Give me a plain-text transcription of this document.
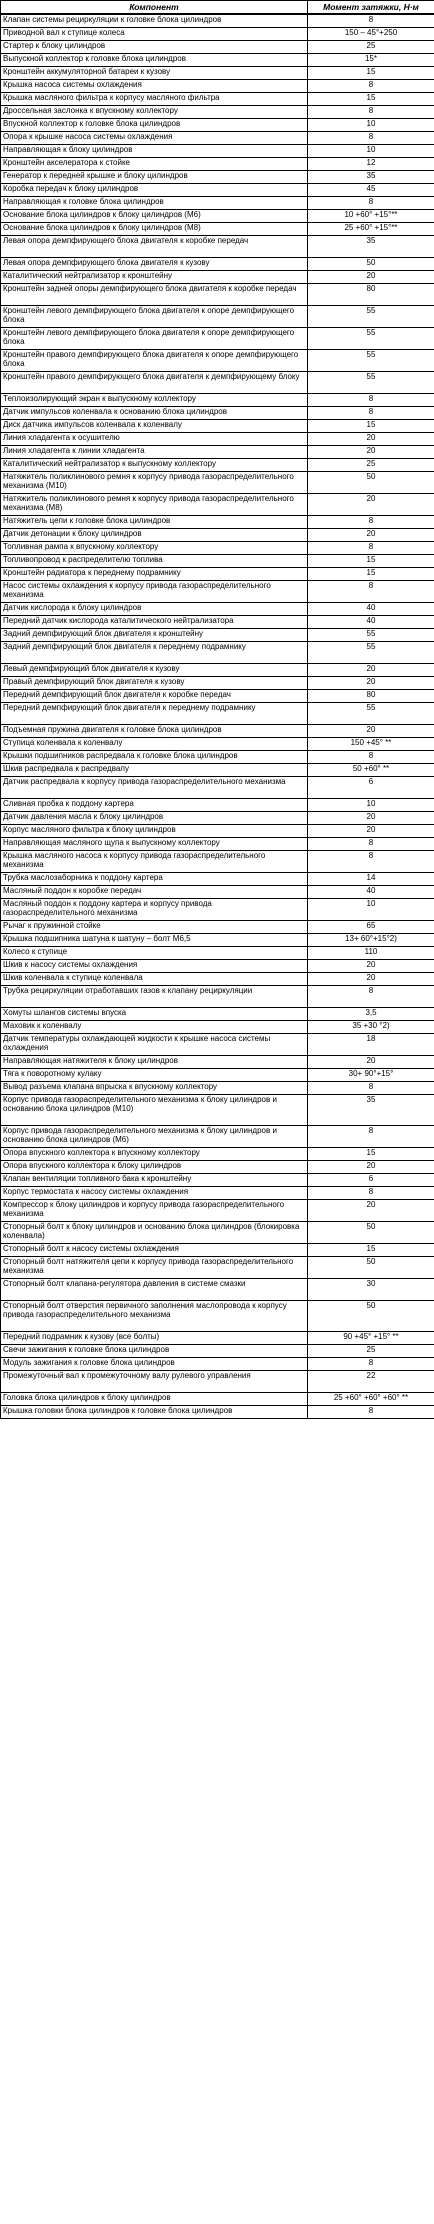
Компонент	Момент затяжки, Н·м
Клапан системы рециркуляции к головке блока цилиндров	8
Приводной вал к ступице колеса	150 – 45°+250
Стартер к блоку цилиндров	25
Выпускной коллектор к головке блока цилиндров	15*
Кронштейн аккумуляторной батареи к кузову	15
Крышка насоса системы охлаждения	8
Крышка масляного фильтра к корпусу масляного фильтра	15
Дроссельная заслонка к впускному коллектору	8
Впускной коллектор к головке блока цилиндров	10
Опора к крышке насоса системы охлаждения	8
Направляющая к блоку цилиндров	10
Кронштейн акселератора к стойке	12
Генератор к передней крышке и блоку цилиндров	35
Коробка передач к блоку цилиндров	45
Направляющая к головке блока цилиндров	8
Основание блока цилиндров к блоку цилиндров (М6)	10 +60° +15°**
Основание блока цилиндров к блоку цилиндров (М8)	25 +60° +15°**
Левая опора демпфирующего блока двигателя к коробке передач	35
Левая опора демпфирующего блока двигателя к кузову	50
Каталитический нейтрализатор к кронштейну	20
Кронштейн задней опоры демпфирующего блока двигателя к коробке передач	80
Кронштейн левого демпфирующего блока двигателя к опоре демпфирующего блока	55
Кронштейн левого демпфирующего блока двигателя к опоре демпфирующего блока	55
Кронштейн правого демпфирующего блока двигателя к опоре демпфирующего блока	55
Кронштейн правого демпфирующего блока двигателя к демпфирующему блоку	55
Теплоизолирующий экран к выпускному коллектору	8
Датчик импульсов коленвала к основанию блока цилиндров	8
Диск датчика импульсов коленвала к коленвалу	15
Линия хладагента к осушителю	20
Линия хладагента к линии хладагента	20
Каталитический нейтрализатор к выпускному коллектору	25
Натяжитель поликлинового ремня к корпусу привода газораспределительного механизма (М10)	50
Натяжитель поликлинового ремня к корпусу привода газораспределительного механизма (М8)	20
Натяжитель цепи к головке блока цилиндров	8
Датчик детонации к блоку цилиндров	20
Топливная рампа к впускному коллектору	8
Топливопровод к распределителю топлива	15
Кронштейн радиатора к переднему подрамнику	15
Насос системы охлаждения к корпусу привода газораспределительного механизма	8
Датчик кислорода к блоку цилиндров	40
Передний датчик кислорода каталитического нейтрализатора	40
Задний демпфирующий блок двигателя к кронштейну	55
Задний демпфирующий блок двигателя к переднему подрамнику	55
Левый демпфирующий блок двигателя к кузову	20
Правый демпфирующий блок двигателя к кузову	20
Передний демпфирующий блок двигателя к коробке передач	80
Передний демпфирующий блок двигателя к переднему подрамнику	55
Подъемная пружина двигателя к головке блока цилиндров	20
Ступица коленвала к коленвалу	150 +45° **
Крышки подшипников распредвала к головке блока цилиндров	8
Шкив распредвала к распредвалу	50 +60° **
Датчик распредвала к корпусу привода газораспределительного механизма	6
Сливная пробка к поддону картера	10
Датчик давления масла к блоку цилиндров	20
Корпус масляного фильтра к блоку цилиндров	20
Направляющая масляного щупа к выпускному коллектору	8
Крышка масляного насоса к корпусу привода газораспределительного механизма	8
Трубка маслозаборника к поддону картера	14
Масляный поддон к коробке передач	40
Масляный поддон к поддону картера и корпусу привода газораспределительного механизма	10
Рычаг к пружинной стойке	65
Крышка подшипника шатуна к шатуну – болт М6,5	13+ 60°+15°2)
Колесо к ступице	110
Шкив к насосу системы охлаждения	20
Шкив коленвала к ступице коленвала	20
Трубка рециркуляции отработавших газов к клапану рециркуляции	8
Хомуты шлангов системы впуска	3,5
Маховик к коленвалу	35 +30 °2)
Датчик температуры охлаждающей жидкости к крышке насоса системы охлаждения	18
Направляющая натяжителя к блоку цилиндров	20
Тяга к поворотному кулаку	30+ 90°+15°
Вывод разъема клапана впрыска к впускному коллектору	8
Корпус привода газораспределительного механизма к блоку цилиндров и основанию блока цилиндров (М10)	35
Корпус привода газораспределительного механизма к блоку цилиндров и основанию блока цилиндров (М6)	8
Опора впускного коллектора к впускному коллектору	15
Опора впускного коллектора к блоку цилиндров	20
Клапан вентиляции топливного бака к кронштейну	6
Корпус термостата к насосу системы охлаждения	8
Компрессор к блоку цилиндров и корпусу привода газораспределительного механизма	20
Стопорный болт к блоку цилиндров и основанию блока цилиндров (блокировка коленвала)	50
Стопорный болт к насосу системы охлаждения	15
Стопорный болт натяжителя цепи к корпусу привода газораспределительного механизма	50
Стопорный болт клапана-регулятора давления в системе смазки	30
Стопорный болт отверстия первичного заполнения маслопровода к корпусу привода газораспределительного механизма	50
Передний подрамник к кузову (все болты)	90 +45° +15° **
Свечи зажигания к головке блока цилиндров	25
Модуль зажигания к головке блока цилиндров	8
Промежуточный вал к промежуточному валу рулевого управления	22
Головка блока цилиндров к блоку цилиндров	25 +60° +60° +60° **
Крышка головки блока цилиндров к головке блока цилиндров	8
